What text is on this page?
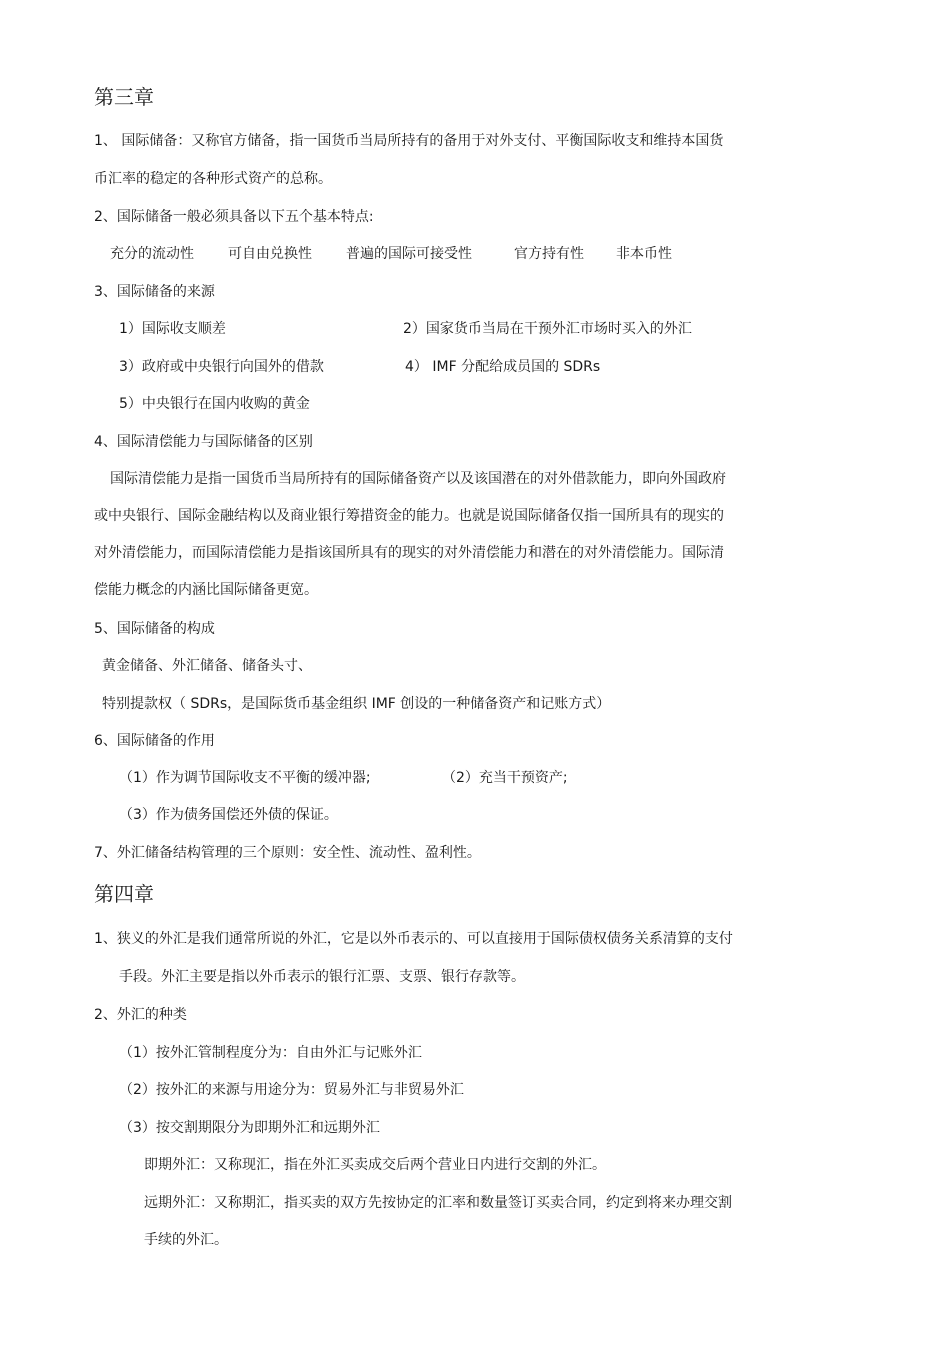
第三章
1、 国际储备：又称官方储备，指一国货币当局所持有的备用于对外支付、平衡国际收支和维持本国货
币汇率的稳定的各种形式资产的总称。
2、国际储备一般必须具备以下五个基本特点:
充分的流动性 可自由兑换性 普遍的国际可接受性	官方持有性 非本币性
3、国际储备的来源
1）国际收支顺差	2）国家货币当局在干预外汇市场时买入的外汇
3）政府或中央银行向国外的借款	4） IMF 分配给成员国的 SDRs
5）中央银行在国内收购的黄金
4、国际清偿能力与国际储备的区别
国际清偿能力是指一国货币当局所持有的国际储备资产以及该国潜在的对外借款能力，即向外国政府
或中央银行、国际金融结构以及商业银行筹措资金的能力。也就是说国际储备仅指一国所具有的现实的
对外清偿能力，而国际清偿能力是指该国所具有的现实的对外清偿能力和潜在的对外清偿能力。国际清
偿能力概念的内涵比国际储备更宽。
5、国际储备的构成
黄金储备、外汇储备、储备头寸、
特别提款权（ SDRs，是国际货币基金组织 IMF 创设的一种储备资产和记账方式）
6、国际储备的作用
（1）作为调节国际收支不平衡的缓冲器;	（2）充当干预资产;
（3）作为债务国偿还外债的保证。
7、外汇储备结构管理的三个原则：安全性、流动性、盈利性。
第四章
1、狭义的外汇是我们通常所说的外汇，它是以外币表示的、可以直接用于国际债权债务关系清算的支付
手段。外汇主要是指以外币表示的银行汇票、支票、银行存款等。
2、外汇的种类
（1）按外汇管制程度分为：自由外汇与记账外汇
（2）按外汇的来源与用途分为：贸易外汇与非贸易外汇
（3）按交割期限分为即期外汇和远期外汇
即期外汇：又称现汇，指在外汇买卖成交后两个营业日内进行交割的外汇。
远期外汇：又称期汇，指买卖的双方先按协定的汇率和数量签订买卖合同，约定到将来办理交割
手续的外汇。
